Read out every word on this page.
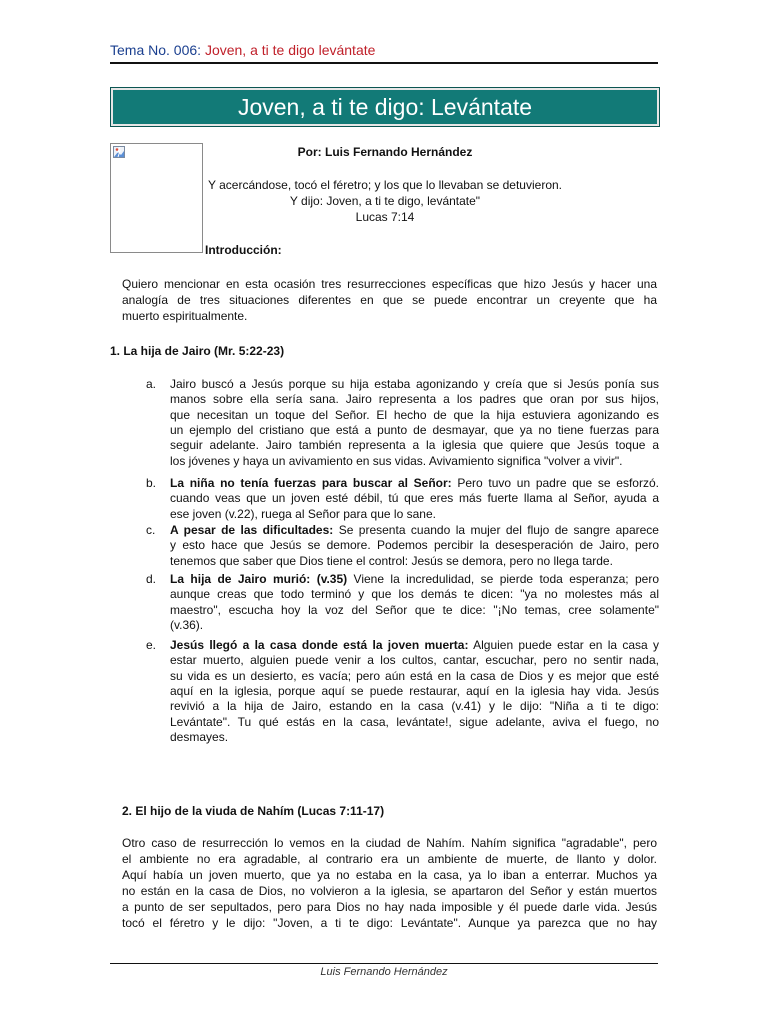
Tema No. 006: Joven, a ti te digo levántate
Joven, a ti te digo: Levántate
Por: Luis Fernando Hernández
Y acercándose, tocó el féretro; y los que lo llevaban se detuvieron.
Y dijo: Joven, a ti te digo, levántate"
Lucas 7:14
Introducción:
Quiero mencionar en esta ocasión tres resurrecciones específicas que hizo Jesús y hacer una
analogía de tres situaciones diferentes en que se puede encontrar un creyente que ha
muerto espiritualmente.
1. La hija de Jairo (Mr. 5:22-23)
a. Jairo buscó a Jesús porque su hija estaba agonizando y creía que si Jesús ponía sus
manos sobre ella sería sana. Jairo representa a los padres que oran por sus hijos,
que necesitan un toque del Señor. El hecho de que la hija estuviera agonizando es
un ejemplo del cristiano que está a punto de desmayar, que ya no tiene fuerzas para
seguir adelante. Jairo también representa a la iglesia que quiere que Jesús toque a
los jóvenes y haya un avivamiento en sus vidas. Avivamiento significa "volver a vivir".
b. La niña no tenía fuerzas para buscar al Señor: Pero tuvo un padre que se esforzó.
cuando veas que un joven esté débil, tú que eres más fuerte llama al Señor, ayuda a
ese joven (v.22), ruega al Señor para que lo sane.
c. A pesar de las dificultades: Se presenta cuando la mujer del flujo de sangre aparece
y esto hace que Jesús se demore. Podemos percibir la desesperación de Jairo, pero
tenemos que saber que Dios tiene el control: Jesús se demora, pero no llega tarde.
d. La hija de Jairo murió: (v.35) Viene la incredulidad, se pierde toda esperanza; pero
aunque creas que todo terminó y que los demás te dicen: "ya no molestes más al
maestro", escucha hoy la voz del Señor que te dice: "¡No temas, cree solamente"
(v.36).
e. Jesús llegó a la casa donde está la joven muerta: Alguien puede estar en la casa y
estar muerto, alguien puede venir a los cultos, cantar, escuchar, pero no sentir nada,
su vida es un desierto, es vacía; pero aún está en la casa de Dios y es mejor que esté
aquí en la iglesia, porque aquí se puede restaurar, aquí en la iglesia hay vida. Jesús
revivió a la hija de Jairo, estando en la casa (v.41) y le dijo: "Niña a ti te digo:
Levántate". Tu qué estás en la casa, levántate!, sigue adelante, aviva el fuego, no
desmayes.
2. El hijo de la viuda de Nahím (Lucas 7:11-17)
Otro caso de resurrección lo vemos en la ciudad de Nahím. Nahím significa "agradable", pero
el ambiente no era agradable, al contrario era un ambiente de muerte, de llanto y dolor.
Aquí había un joven muerto, que ya no estaba en la casa, ya lo iban a enterrar. Muchos ya
no están en la casa de Dios, no volvieron a la iglesia, se apartaron del Señor y están muertos
a punto de ser sepultados, pero para Dios no hay nada imposible y él puede darle vida. Jesús
tocó el féretro y le dijo: "Joven, a ti te digo: Levántate". Aunque ya parezca que no hay
Luis Fernando Hernández
